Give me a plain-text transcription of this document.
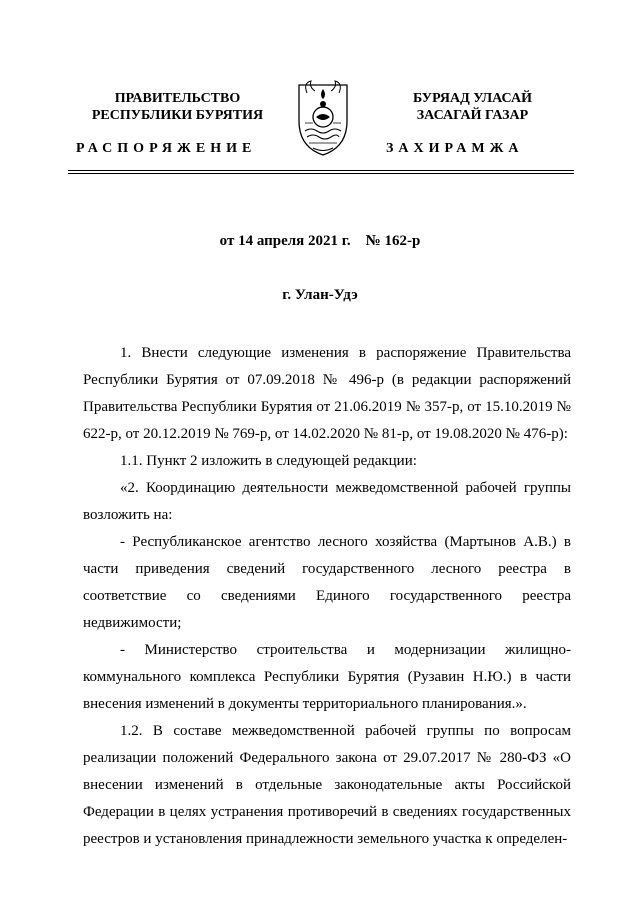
ПРАВИТЕЛЬСТВО
РЕСПУБЛИКИ БУРЯТИЯ
БУРЯАД УЛАСАЙ
ЗАСАГАЙ ГАЗАР
РАСПОРЯЖЕНИЕ	ЗАХИРАМЖА
от 14 апреля 2021 г. № 162-р
г. Улан-Удэ

1. Внести следующие изменения в распоряжение Правительства Республики Бурятия от 07.09.2018 № 496-р (в редакции распоряжений Правительства Республики Бурятия от 21.06.2019 № 357-р, от 15.10.2019 № 622-р, от 20.12.2019 № 769-р, от 14.02.2020 № 81-р, от 19.08.2020 № 476-р):

1.1. Пункт 2 изложить в следующей редакции:

«2. Координацию деятельности межведомственной рабочей группы возложить на:

- Республиканское агентство лесного хозяйства (Мартынов А.В.) в части приведения сведений государственного лесного реестра в соответствие со сведениями Единого государственного реестра недвижимости;

- Министерство строительства и модернизации жилищно-коммунального комплекса Республики Бурятия (Рузавин Н.Ю.) в части внесения изменений в документы территориального планирования.».

1.2. В составе межведомственной рабочей группы по вопросам реализации положений Федерального закона от 29.07.2017 № 280-ФЗ «О внесении изменений в отдельные законодательные акты Российской Федерации в целях устранения противоречий в сведениях государственных реестров и установления принадлежности земельного участка к определен-
